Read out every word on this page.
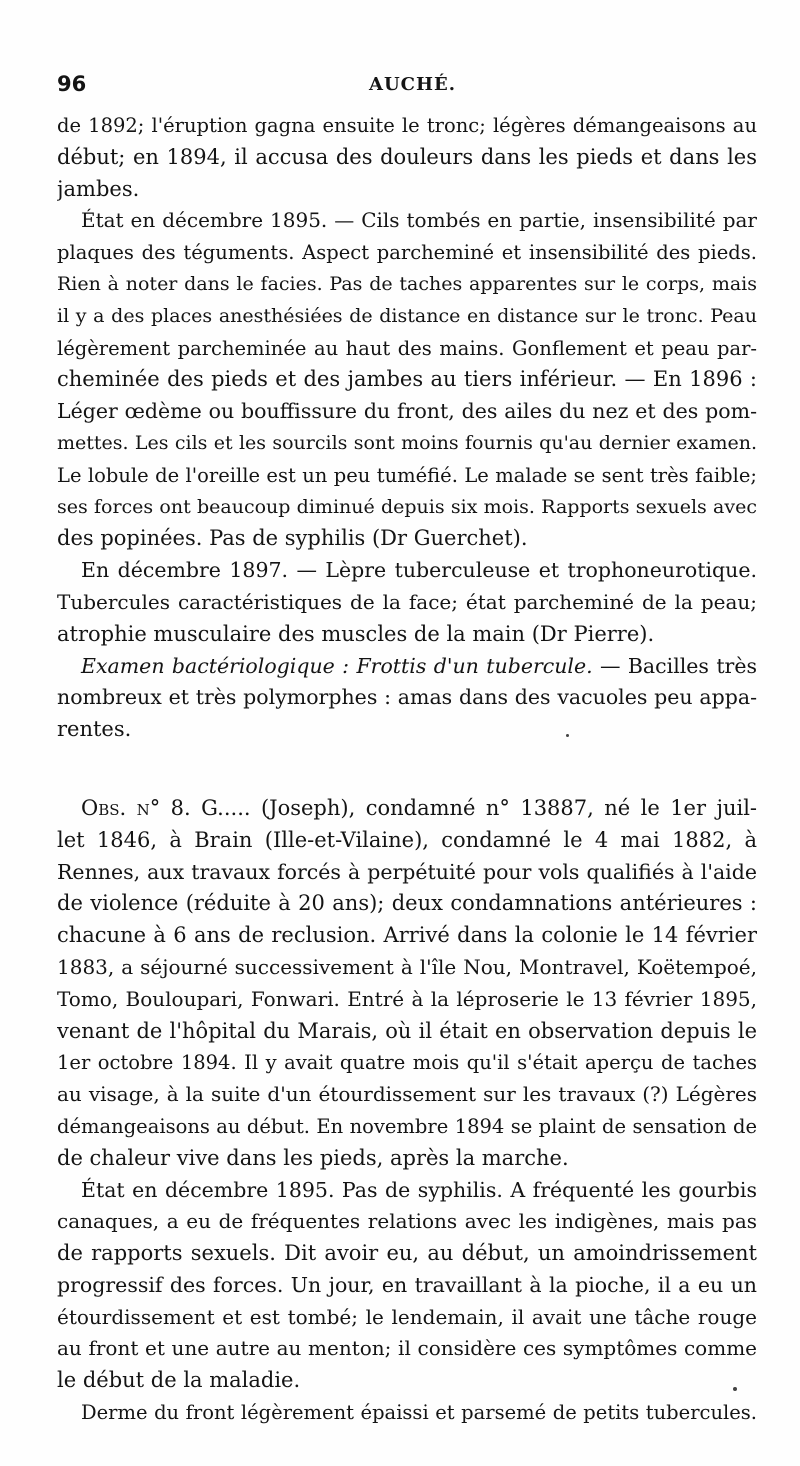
96	AUCHÉ.
de 1892; l'éruption gagna ensuite le tronc; légères démangeaisons au
début; en 1894, il accusa des douleurs dans les pieds et dans les
jambes.
État en décembre 1895. — Cils tombés en partie, insensibilité par
plaques des téguments. Aspect parcheminé et insensibilité des pieds.
Rien à noter dans le facies. Pas de taches apparentes sur le corps, mais
il y a des places anesthésiées de distance en distance sur le tronc. Peau
légèrement parcheminée au haut des mains. Gonflement et peau par-
cheminée des pieds et des jambes au tiers inférieur. — En 1896 :
Léger œdème ou bouffissure du front, des ailes du nez et des pom-
mettes. Les cils et les sourcils sont moins fournis qu'au dernier examen.
Le lobule de l'oreille est un peu tuméfié. Le malade se sent très faible;
ses forces ont beaucoup diminué depuis six mois. Rapports sexuels avec
des popinées. Pas de syphilis (Dr Guerchet).
En décembre 1897. — Lèpre tuberculeuse et trophoneurotique.
Tubercules caractéristiques de la face; état parcheminé de la peau;
atrophie musculaire des muscles de la main (Dr Pierre).
Examen bactériologique : Frottis d'un tubercule. — Bacilles très
nombreux et très polymorphes : amas dans des vacuoles peu appa-
rentes.
Obs. n° 8. G..... (Joseph), condamné n° 13887, né le 1er juil-
let 1846, à Brain (Ille-et-Vilaine), condamné le 4 mai 1882, à
Rennes, aux travaux forcés à perpétuité pour vols qualifiés à l'aide
de violence (réduite à 20 ans); deux condamnations antérieures :
chacune à 6 ans de reclusion. Arrivé dans la colonie le 14 février
1883, a séjourné successivement à l'île Nou, Montravel, Koëtempoé,
Tomo, Bouloupari, Fonwari. Entré à la léproserie le 13 février 1895,
venant de l'hôpital du Marais, où il était en observation depuis le
1er octobre 1894. Il y avait quatre mois qu'il s'était aperçu de taches
au visage, à la suite d'un étourdissement sur les travaux (?) Légères
démangeaisons au début. En novembre 1894 se plaint de sensation de
de chaleur vive dans les pieds, après la marche.
État en décembre 1895. Pas de syphilis. A fréquenté les gourbis
canaques, a eu de fréquentes relations avec les indigènes, mais pas
de rapports sexuels. Dit avoir eu, au début, un amoindrissement
progressif des forces. Un jour, en travaillant à la pioche, il a eu un
étourdissement et est tombé; le lendemain, il avait une tâche rouge
au front et une autre au menton; il considère ces symptômes comme
le début de la maladie.
Derme du front légèrement épaissi et parsemé de petits tubercules.
